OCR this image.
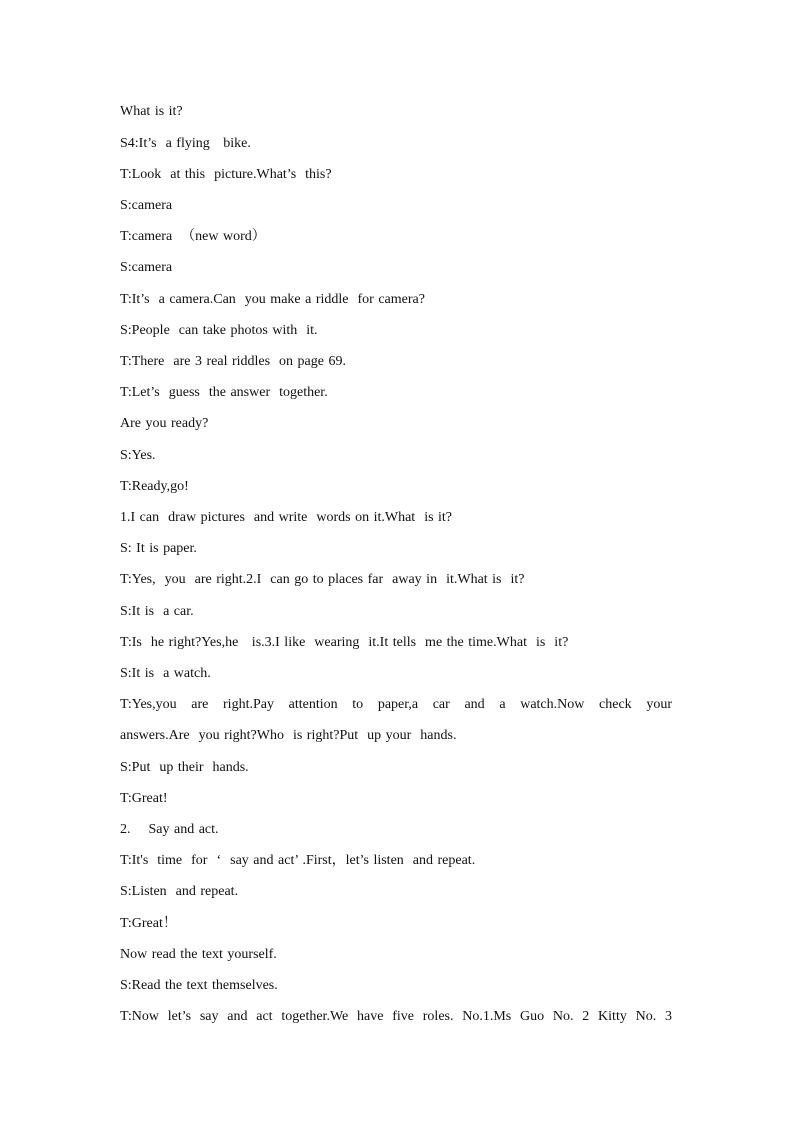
What is it?
S4:It’s  a flying   bike.
T:Look  at this  picture.What’s  this?
S:camera
T:camera  （new word）
S:camera
T:It’s  a camera.Can  you make a riddle  for camera?
S:People  can take photos with  it.
T:There  are 3 real riddles  on page 69.
T:Let’s  guess  the answer  together.
Are you ready?
S:Yes.
T:Ready,go!
1.I can  draw pictures  and write  words on it.What  is it?
S: It is paper.
T:Yes,  you  are right.2.I  can go to places far  away in  it.What is  it?
S:It is  a car.
T:Is  he right?Yes,he   is.3.I like  wearing  it.It tells  me the time.What  is  it?
S:It is  a watch.
T:Yes,you are right.Pay attention to paper,a car and a watch.Now check your
answers.Are  you right?Who  is right?Put  up your  hands.
S:Put  up their  hands.
T:Great!
2.    Say and act.
T:It's  time  for  ‘  say and act’ .First，let’s listen  and repeat.
S:Listen  and repeat.
T:Great！
Now read the text yourself.
S:Read the text themselves.
T:Now let’s say and act together.We have five roles. No.1.Ms Guo No. 2 Kitty No. 3
